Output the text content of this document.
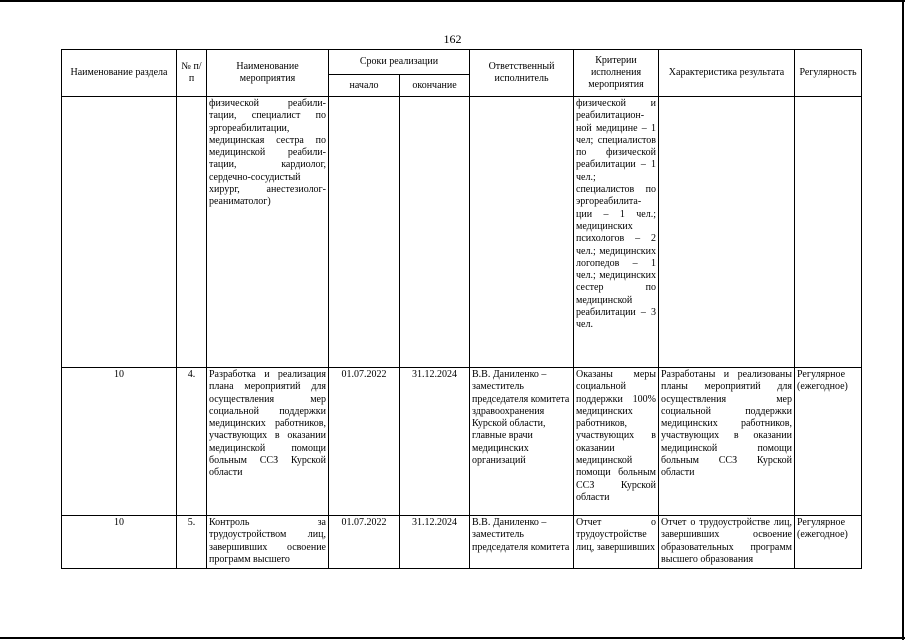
162
Наименование раздела	№ п/п	Наименование мероприятия	Сроки реализации		Ответственный исполнитель	Критерии исполнения мероприятия	Характеристика результата	Регулярность
			начало	окончание				
		физической реабили-тации, специалист по эргореабилитации, медицинская сестра по медицинской реабили-тации, кардиолог, сердечно-сосудистый хирург, анестезиолог-реаниматолог)				физической и реабилитацион-ной медицине – 1 чел; специалистов по физической реабилитации – 1 чел.; специалистов по эргореабилита-ции – 1 чел.; медицинских психологов – 2 чел.; медицинских логопедов – 1 чел.; медицинских сестер по медицинской реабилитации – 3 чел.		
10	4.	Разработка и реализация плана мероприятий для осуществления мер социальной поддержки медицинских работников, участвующих в оказании медицинской помощи больным ССЗ Курской области	01.07.2022	31.12.2024	В.В. Даниленко – заместитель председателя комитета здравоохранения Курской области, главные врачи медицинских организаций	Оказаны меры социальной поддержки 100% медицинских работников, участвующих в оказании медицинской помощи больным ССЗ Курской области	Разработаны и реализованы планы мероприятий для осуществления мер социальной поддержки медицинских работников, участвующих в оказании медицинской помощи больным ССЗ Курской области	Регулярное (ежегодное)
10	5.	Контроль за трудоустройством лиц, завершивших освоение программ высшего	01.07.2022	31.12.2024	В.В. Даниленко – заместитель председателя комитета	Отчет о трудоустройстве лиц, завершивших	Отчет о трудоустройстве лиц, завершивших освоение образовательных программ высшего образования	Регулярное (ежегодное)
